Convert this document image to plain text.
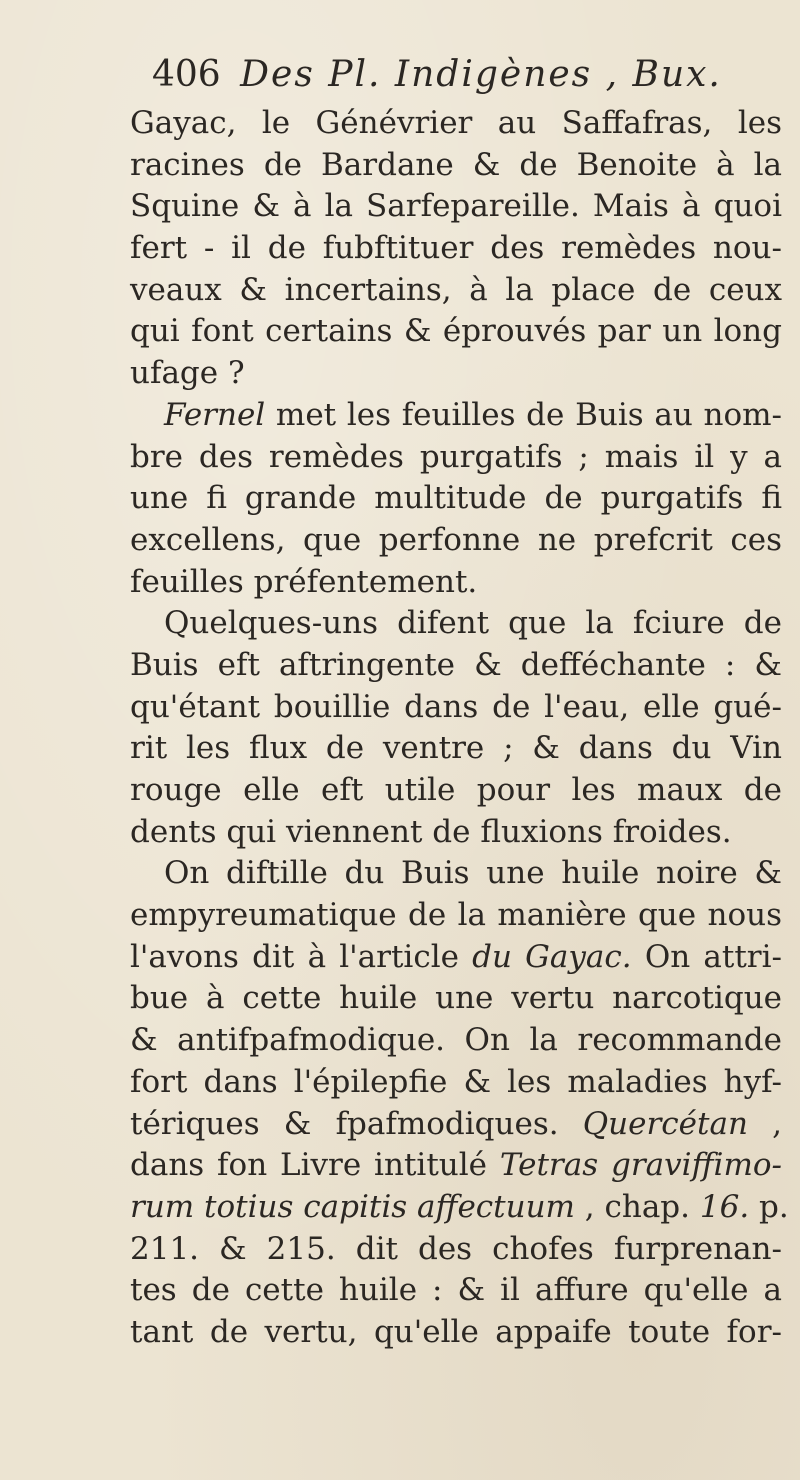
406 Des Pl. Indigènes , Bux.
Gayac, le Génévrier au Saffafras, les
racines de Bardane & de Benoite à la
Squine & à la Sarfepareille. Mais à quoi
fert - il de fubftituer des remèdes nou-
veaux & incertains, à la place de ceux
qui font certains & éprouvés par un long
ufage ?
Fernel met les feuilles de Buis au nom-
bre des remèdes purgatifs ; mais il y a
une fi grande multitude de purgatifs fi
excellens, que perfonne ne prefcrit ces
feuilles préfentement.
Quelques-uns difent que la fciure de
Buis eft aftringente & defféchante : &
qu'étant bouillie dans de l'eau, elle gué-
rit les flux de ventre ; & dans du Vin
rouge elle eft utile pour les maux de
dents qui viennent de fluxions froides.
On diftille du Buis une huile noire &
empyreumatique de la manière que nous
l'avons dit à l'article du Gayac. On attri-
bue à cette huile une vertu narcotique
& antifpafmodique. On la recommande
fort dans l'épilepfie & les maladies hyf-
tériques & fpafmodiques. Quercétan ,
dans fon Livre intitulé Tetras graviffimo-
rum totius capitis affectuum , chap. 16. p.
211. & 215. dit des chofes furprenan-
tes de cette huile : & il affure qu'elle a
tant de vertu, qu'elle appaife toute for-
